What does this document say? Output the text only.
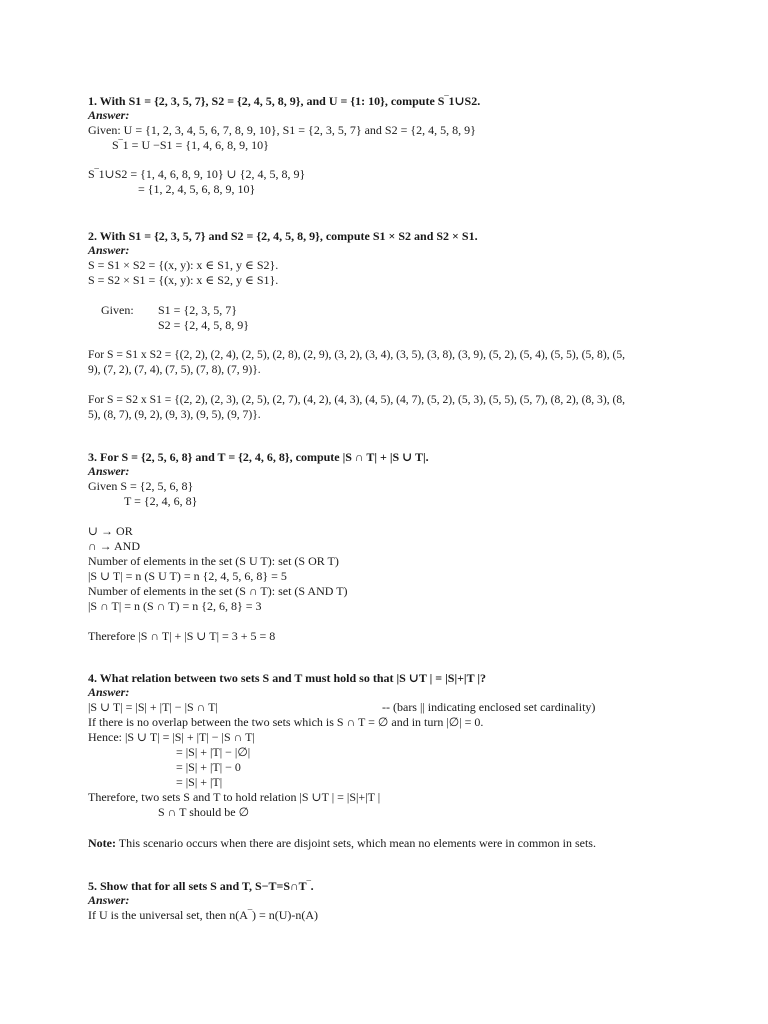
1. With S1 = {2, 3, 5, 7}, S2 = {2, 4, 5, 8, 9}, and U = {1: 10}, compute S‾1∪S2.
Answer:
Given: U = {1, 2, 3, 4, 5, 6, 7, 8, 9, 10}, S1 = {2, 3, 5, 7} and S2 = {2, 4, 5, 8, 9}
S‾1 = U −S1 = {1, 4, 6, 8, 9, 10}
S‾1∪S2 = {1, 4, 6, 8, 9, 10} ∪ {2, 4, 5, 8, 9}
= {1, 2, 4, 5, 6, 8, 9, 10}
2. With S1 = {2, 3, 5, 7} and S2 = {2, 4, 5, 8, 9}, compute S1 × S2 and S2 × S1.
Answer:
S = S1 × S2 = {(x, y): x ∈ S1, y ∈ S2}.
S = S2 × S1 = {(x, y): x ∈ S2, y ∈ S1}.
Given: S1 = {2, 3, 5, 7}
S2 = {2, 4, 5, 8, 9}
For S = S1 x S2 = {(2, 2), (2, 4), (2, 5), (2, 8), (2, 9), (3, 2), (3, 4), (3, 5), (3, 8), (3, 9), (5, 2), (5, 4), (5, 5), (5, 8), (5,
9), (7, 2), (7, 4), (7, 5), (7, 8), (7, 9)}.
For S = S2 x S1 = {(2, 2), (2, 3), (2, 5), (2, 7), (4, 2), (4, 3), (4, 5), (4, 7), (5, 2), (5, 3), (5, 5), (5, 7), (8, 2), (8, 3), (8,
5), (8, 7), (9, 2), (9, 3), (9, 5), (9, 7)}.
3. For S = {2, 5, 6, 8} and T = {2, 4, 6, 8}, compute |S ∩ T| + |S ∪ T|.
Answer:
Given S = {2, 5, 6, 8}
T = {2, 4, 6, 8}
∪ → OR
∩ → AND
Number of elements in the set (S U T): set (S OR T)
|S ∪ T| = n (S U T) = n {2, 4, 5, 6, 8} = 5
Number of elements in the set (S ∩ T): set (S AND T)
|S ∩ T| = n (S ∩ T) = n {2, 6, 8} = 3
Therefore |S ∩ T| + |S ∪ T| = 3 + 5 = 8
4. What relation between two sets S and T must hold so that |S ∪T | = |S|+|T |?
Answer:
|S ∪ T| = |S| + |T| − |S ∩ T|	-- (bars || indicating enclosed set cardinality)
If there is no overlap between the two sets which is S ∩ T = ∅ and in turn |∅| = 0.
Hence: |S ∪ T| = |S| + |T| − |S ∩ T|
= |S| + |T| − |∅|
= |S| + |T| − 0
= |S| + |T|
Therefore, two sets S and T to hold relation |S ∪T | = |S|+|T |
S ∩ T should be ∅
Note: This scenario occurs when there are disjoint sets, which mean no elements were in common in sets.
5. Show that for all sets S and T, S−T=S∩T‾.
Answer:
If U is the universal set, then n(A‾) = n(U)-n(A)
